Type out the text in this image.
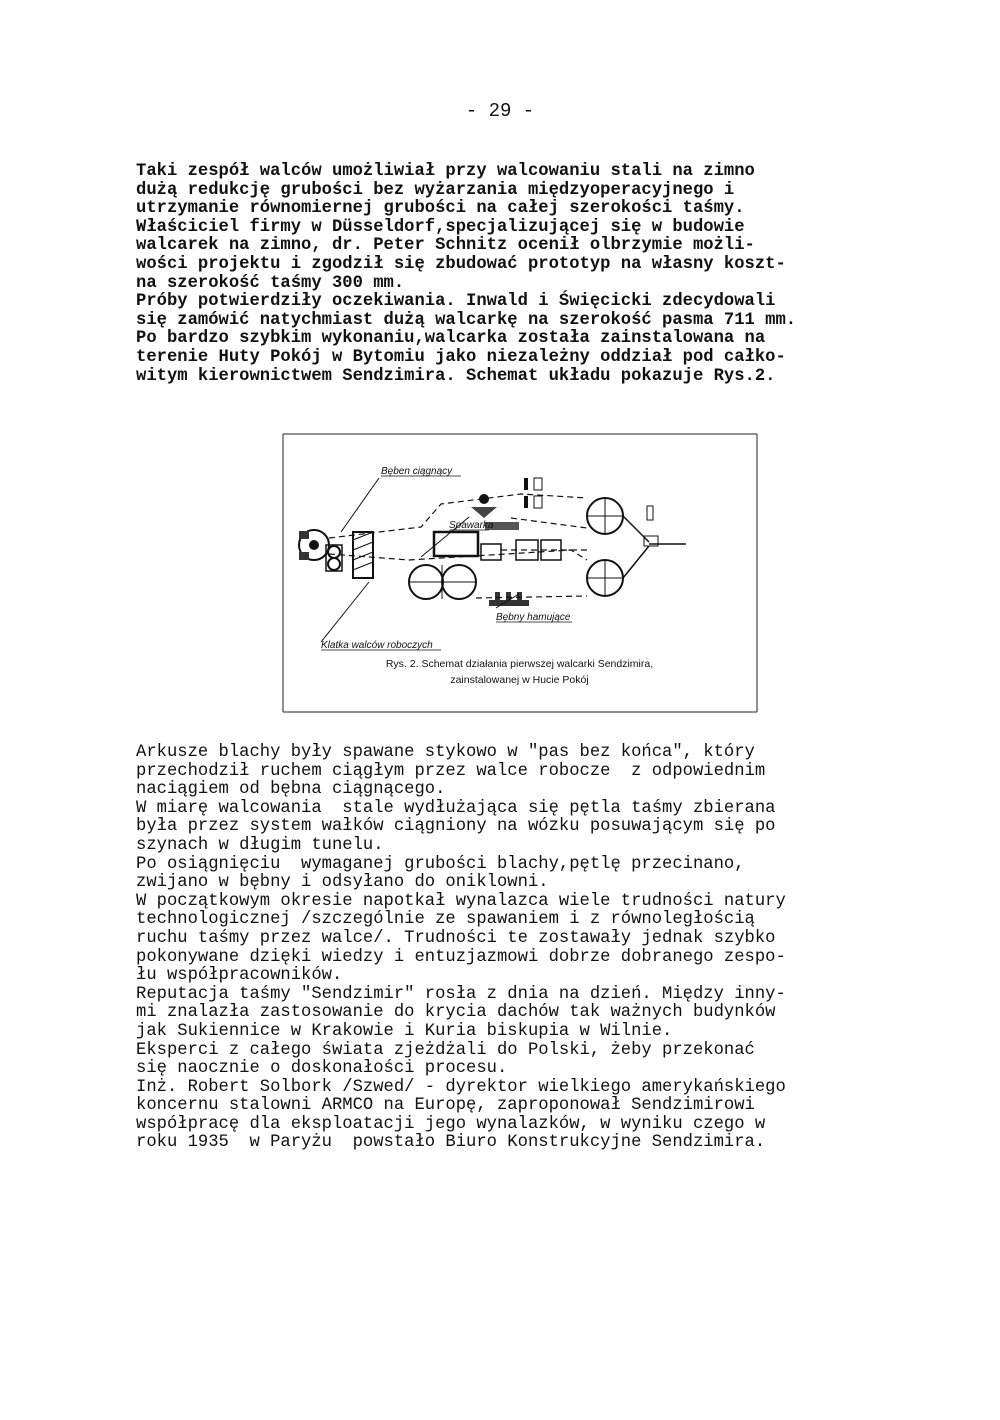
- 29 -
Taki zespół walców umożliwiał przy walcowaniu stali na zimno
dużą redukcję grubości bez wyżarzania międzyoperacyjnego i
utrzymanie równomiernej grubości na całej szerokości taśmy.
Właściciel firmy w Düsseldorf,specjalizującej się w budowie
walcarek na zimno, dr. Peter Schnitz ocenił olbrzymie możli-
wości projektu i zgodził się zbudować prototyp na własny koszt-
na szerokość taśmy 300 mm.
Próby potwierdziły oczekiwania. Inwald i Święcicki zdecydowali
się zamówić natychmiast dużą walcarkę na szerokość pasma 711 mm.
Po bardzo szybkim wykonaniu,walcarka została zainstalowana na
terenie Huty Pokój w Bytomiu jako niezależny oddział pod całko-
witym kierownictwem Sendzimira. Schemat układu pokazuje Rys.2.
Bęben ciągnący
Spawarka
Bębny hamujące
Klatka walców roboczych
Rys. 2. Schemat działania pierwszej walcarki Sendzimira,
zainstalowanej w Hucie Pokój
Arkusze blachy były spawane stykowo w "pas bez końca", który
przechodził ruchem ciągłym przez walce robocze  z odpowiednim
naciągiem od bębna ciągnącego.
W miarę walcowania  stale wydłużająca się pętla taśmy zbierana
była przez system wałków ciągniony na wózku posuwającym się po
szynach w długim tunelu.
Po osiągnięciu  wymaganej grubości blachy,pętlę przecinano,
zwijano w bębny i odsyłano do oniklowni.
W początkowym okresie napotkał wynalazca wiele trudności natury
technologicznej /szczególnie ze spawaniem i z równoległością
ruchu taśmy przez walce/. Trudności te zostawały jednak szybko
pokonywane dzięki wiedzy i entuzjazmowi dobrze dobranego zespo-
łu współpracowników.
Reputacja taśmy "Sendzimir" rosła z dnia na dzień. Między inny-
mi znalazła zastosowanie do krycia dachów tak ważnych budynków
jak Sukiennice w Krakowie i Kuria biskupia w Wilnie.
Eksperci z całego świata zjeżdżali do Polski, żeby przekonać
się naocznie o doskonałości procesu.
Inż. Robert Solbork /Szwed/ - dyrektor wielkiego amerykańskiego
koncernu stalowni ARMCO na Europę, zaproponował Sendzimirowi
współpracę dla eksploatacji jego wynalazków, w wyniku czego w
roku 1935  w Paryżu  powstało Biuro Konstrukcyjne Sendzimira.
